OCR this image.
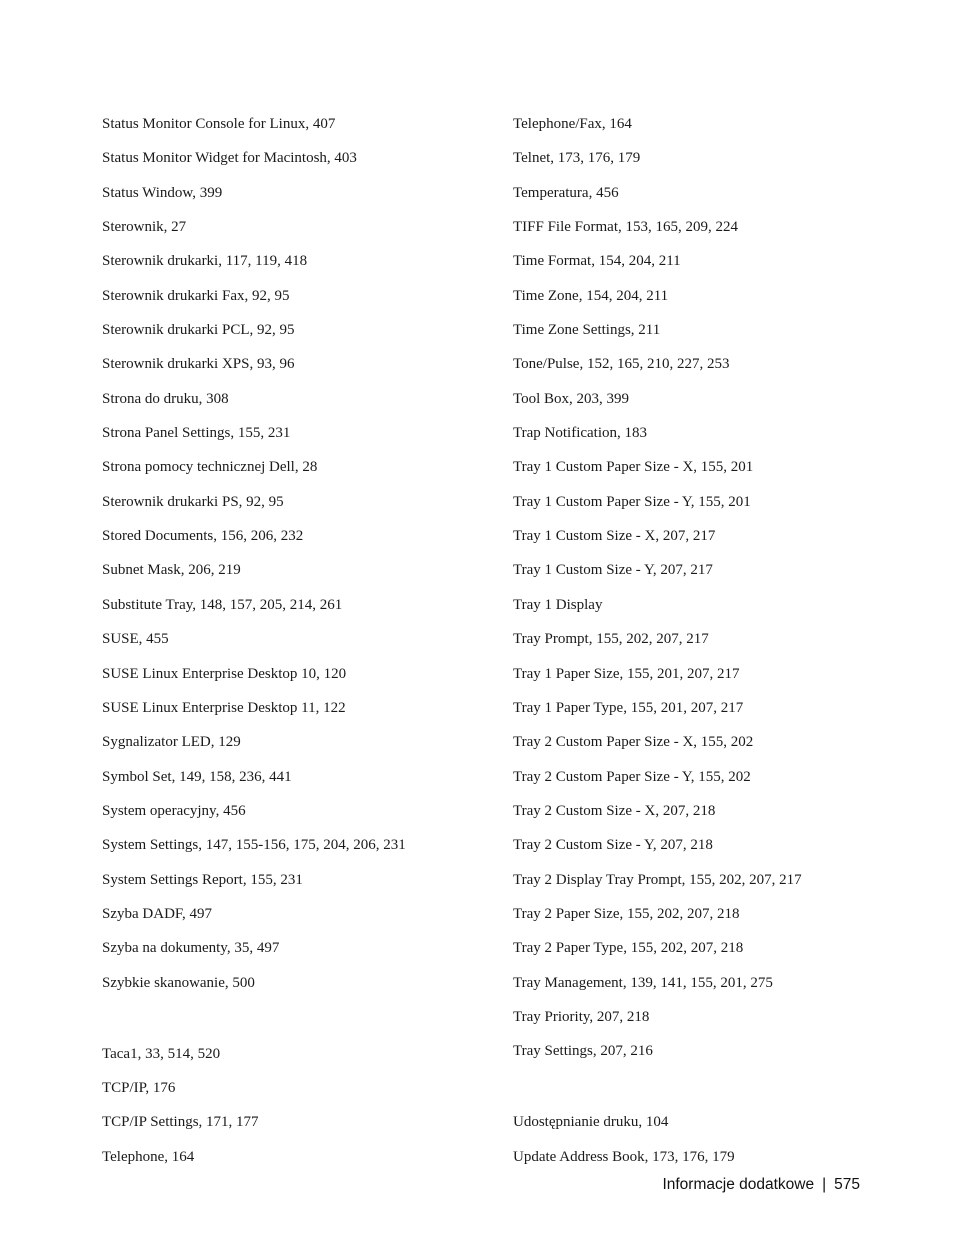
Status Monitor Console for Linux, 407
Status Monitor Widget for Macintosh, 403
Status Window, 399
Sterownik, 27
Sterownik drukarki, 117, 119, 418
Sterownik drukarki Fax, 92, 95
Sterownik drukarki PCL, 92, 95
Sterownik drukarki XPS, 93, 96
Strona do druku, 308
Strona Panel Settings, 155, 231
Strona pomocy technicznej Dell, 28
Sterownik drukarki PS, 92, 95
Stored Documents, 156, 206, 232
Subnet Mask, 206, 219
Substitute Tray, 148, 157, 205, 214, 261
SUSE, 455
SUSE Linux Enterprise Desktop 10, 120
SUSE Linux Enterprise Desktop 11, 122
Sygnalizator LED, 129
Symbol Set, 149, 158, 236, 441
System operacyjny, 456
System Settings, 147, 155-156, 175, 204, 206, 231
System Settings Report, 155, 231
Szyba DADF, 497
Szyba na dokumenty, 35, 497
Szybkie skanowanie, 500
Taca1, 33, 514, 520
TCP/IP, 176
TCP/IP Settings, 171, 177
Telephone, 164
Telephone/Fax, 164
Telnet, 173, 176, 179
Temperatura, 456
TIFF File Format, 153, 165, 209, 224
Time Format, 154, 204, 211
Time Zone, 154, 204, 211
Time Zone Settings, 211
Tone/Pulse, 152, 165, 210, 227, 253
Tool Box, 203, 399
Trap Notification, 183
Tray 1 Custom Paper Size - X, 155, 201
Tray 1 Custom Paper Size - Y, 155, 201
Tray 1 Custom Size - X, 207, 217
Tray 1 Custom Size - Y, 207, 217
Tray 1 Display
Tray Prompt, 155, 202, 207, 217
Tray 1 Paper Size, 155, 201, 207, 217
Tray 1 Paper Type, 155, 201, 207, 217
Tray 2 Custom Paper Size - X, 155, 202
Tray 2 Custom Paper Size - Y, 155, 202
Tray 2 Custom Size - X, 207, 218
Tray 2 Custom Size - Y, 207, 218
Tray 2 Display Tray Prompt, 155, 202, 207, 217
Tray 2 Paper Size, 155, 202, 207, 218
Tray 2 Paper Type, 155, 202, 207, 218
Tray Management, 139, 141, 155, 201, 275
Tray Priority, 207, 218
Tray Settings, 207, 216
Udostępnianie druku, 104
Update Address Book, 173, 176, 179
Informacje dodatkowe | 575
